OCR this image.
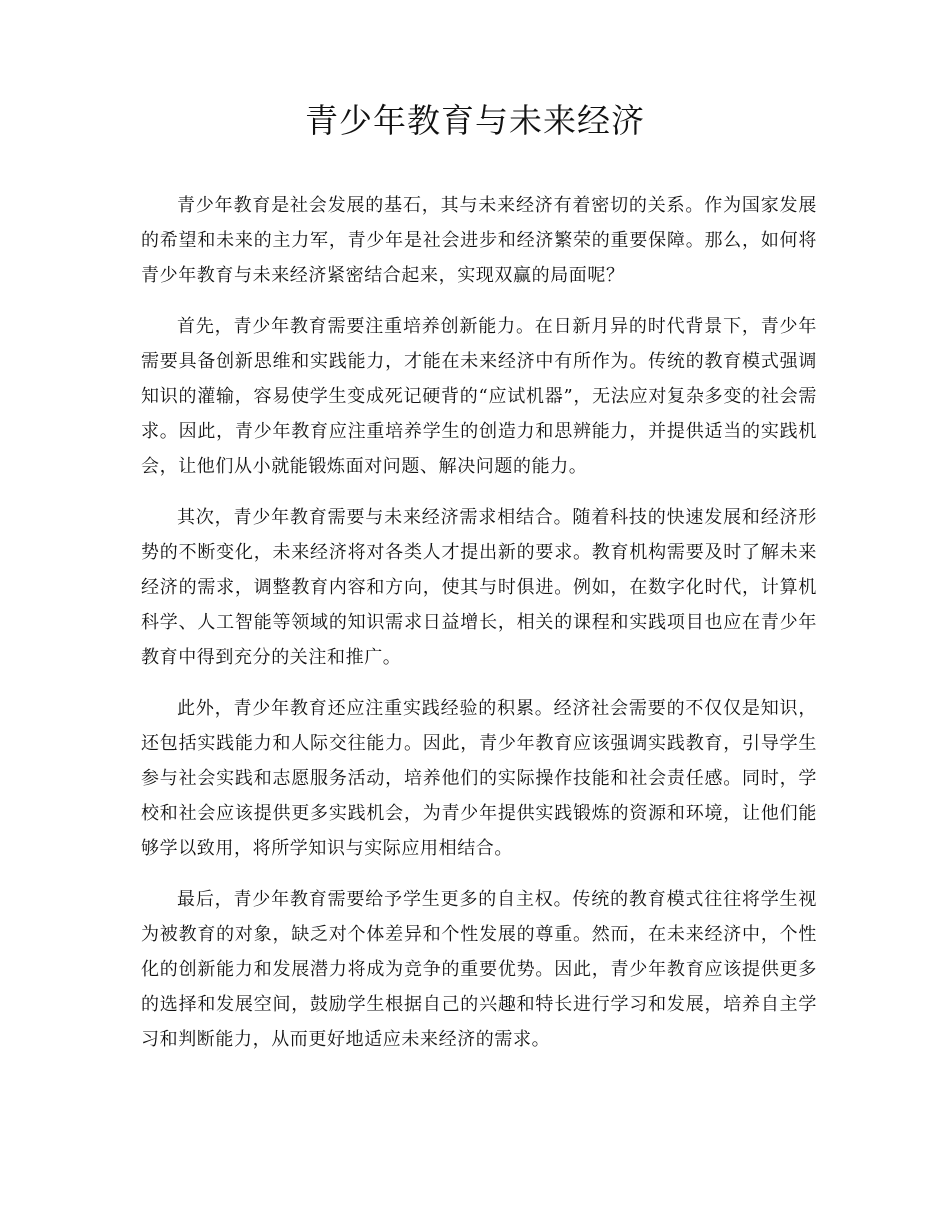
青少年教育与未来经济

青少年教育是社会发展的基石，其与未来经济有着密切的关系。作为国家发展的希望和未来的主力军，青少年是社会进步和经济繁荣的重要保障。那么，如何将青少年教育与未来经济紧密结合起来，实现双赢的局面呢？

首先，青少年教育需要注重培养创新能力。在日新月异的时代背景下，青少年需要具备创新思维和实践能力，才能在未来经济中有所作为。传统的教育模式强调知识的灌输，容易使学生变成死记硬背的“应试机器”，无法应对复杂多变的社会需求。因此，青少年教育应注重培养学生的创造力和思辨能力，并提供适当的实践机会，让他们从小就能锻炼面对问题、解决问题的能力。

其次，青少年教育需要与未来经济需求相结合。随着科技的快速发展和经济形势的不断变化，未来经济将对各类人才提出新的要求。教育机构需要及时了解未来经济的需求，调整教育内容和方向，使其与时俱进。例如，在数字化时代，计算机科学、人工智能等领域的知识需求日益增长，相关的课程和实践项目也应在青少年教育中得到充分的关注和推广。

此外，青少年教育还应注重实践经验的积累。经济社会需要的不仅仅是知识，还包括实践能力和人际交往能力。因此，青少年教育应该强调实践教育，引导学生参与社会实践和志愿服务活动，培养他们的实际操作技能和社会责任感。同时，学校和社会应该提供更多实践机会，为青少年提供实践锻炼的资源和环境，让他们能够学以致用，将所学知识与实际应用相结合。

最后，青少年教育需要给予学生更多的自主权。传统的教育模式往往将学生视为被教育的对象，缺乏对个体差异和个性发展的尊重。然而，在未来经济中，个性化的创新能力和发展潜力将成为竞争的重要优势。因此，青少年教育应该提供更多的选择和发展空间，鼓励学生根据自己的兴趣和特长进行学习和发展，培养自主学习和判断能力，从而更好地适应未来经济的需求。
